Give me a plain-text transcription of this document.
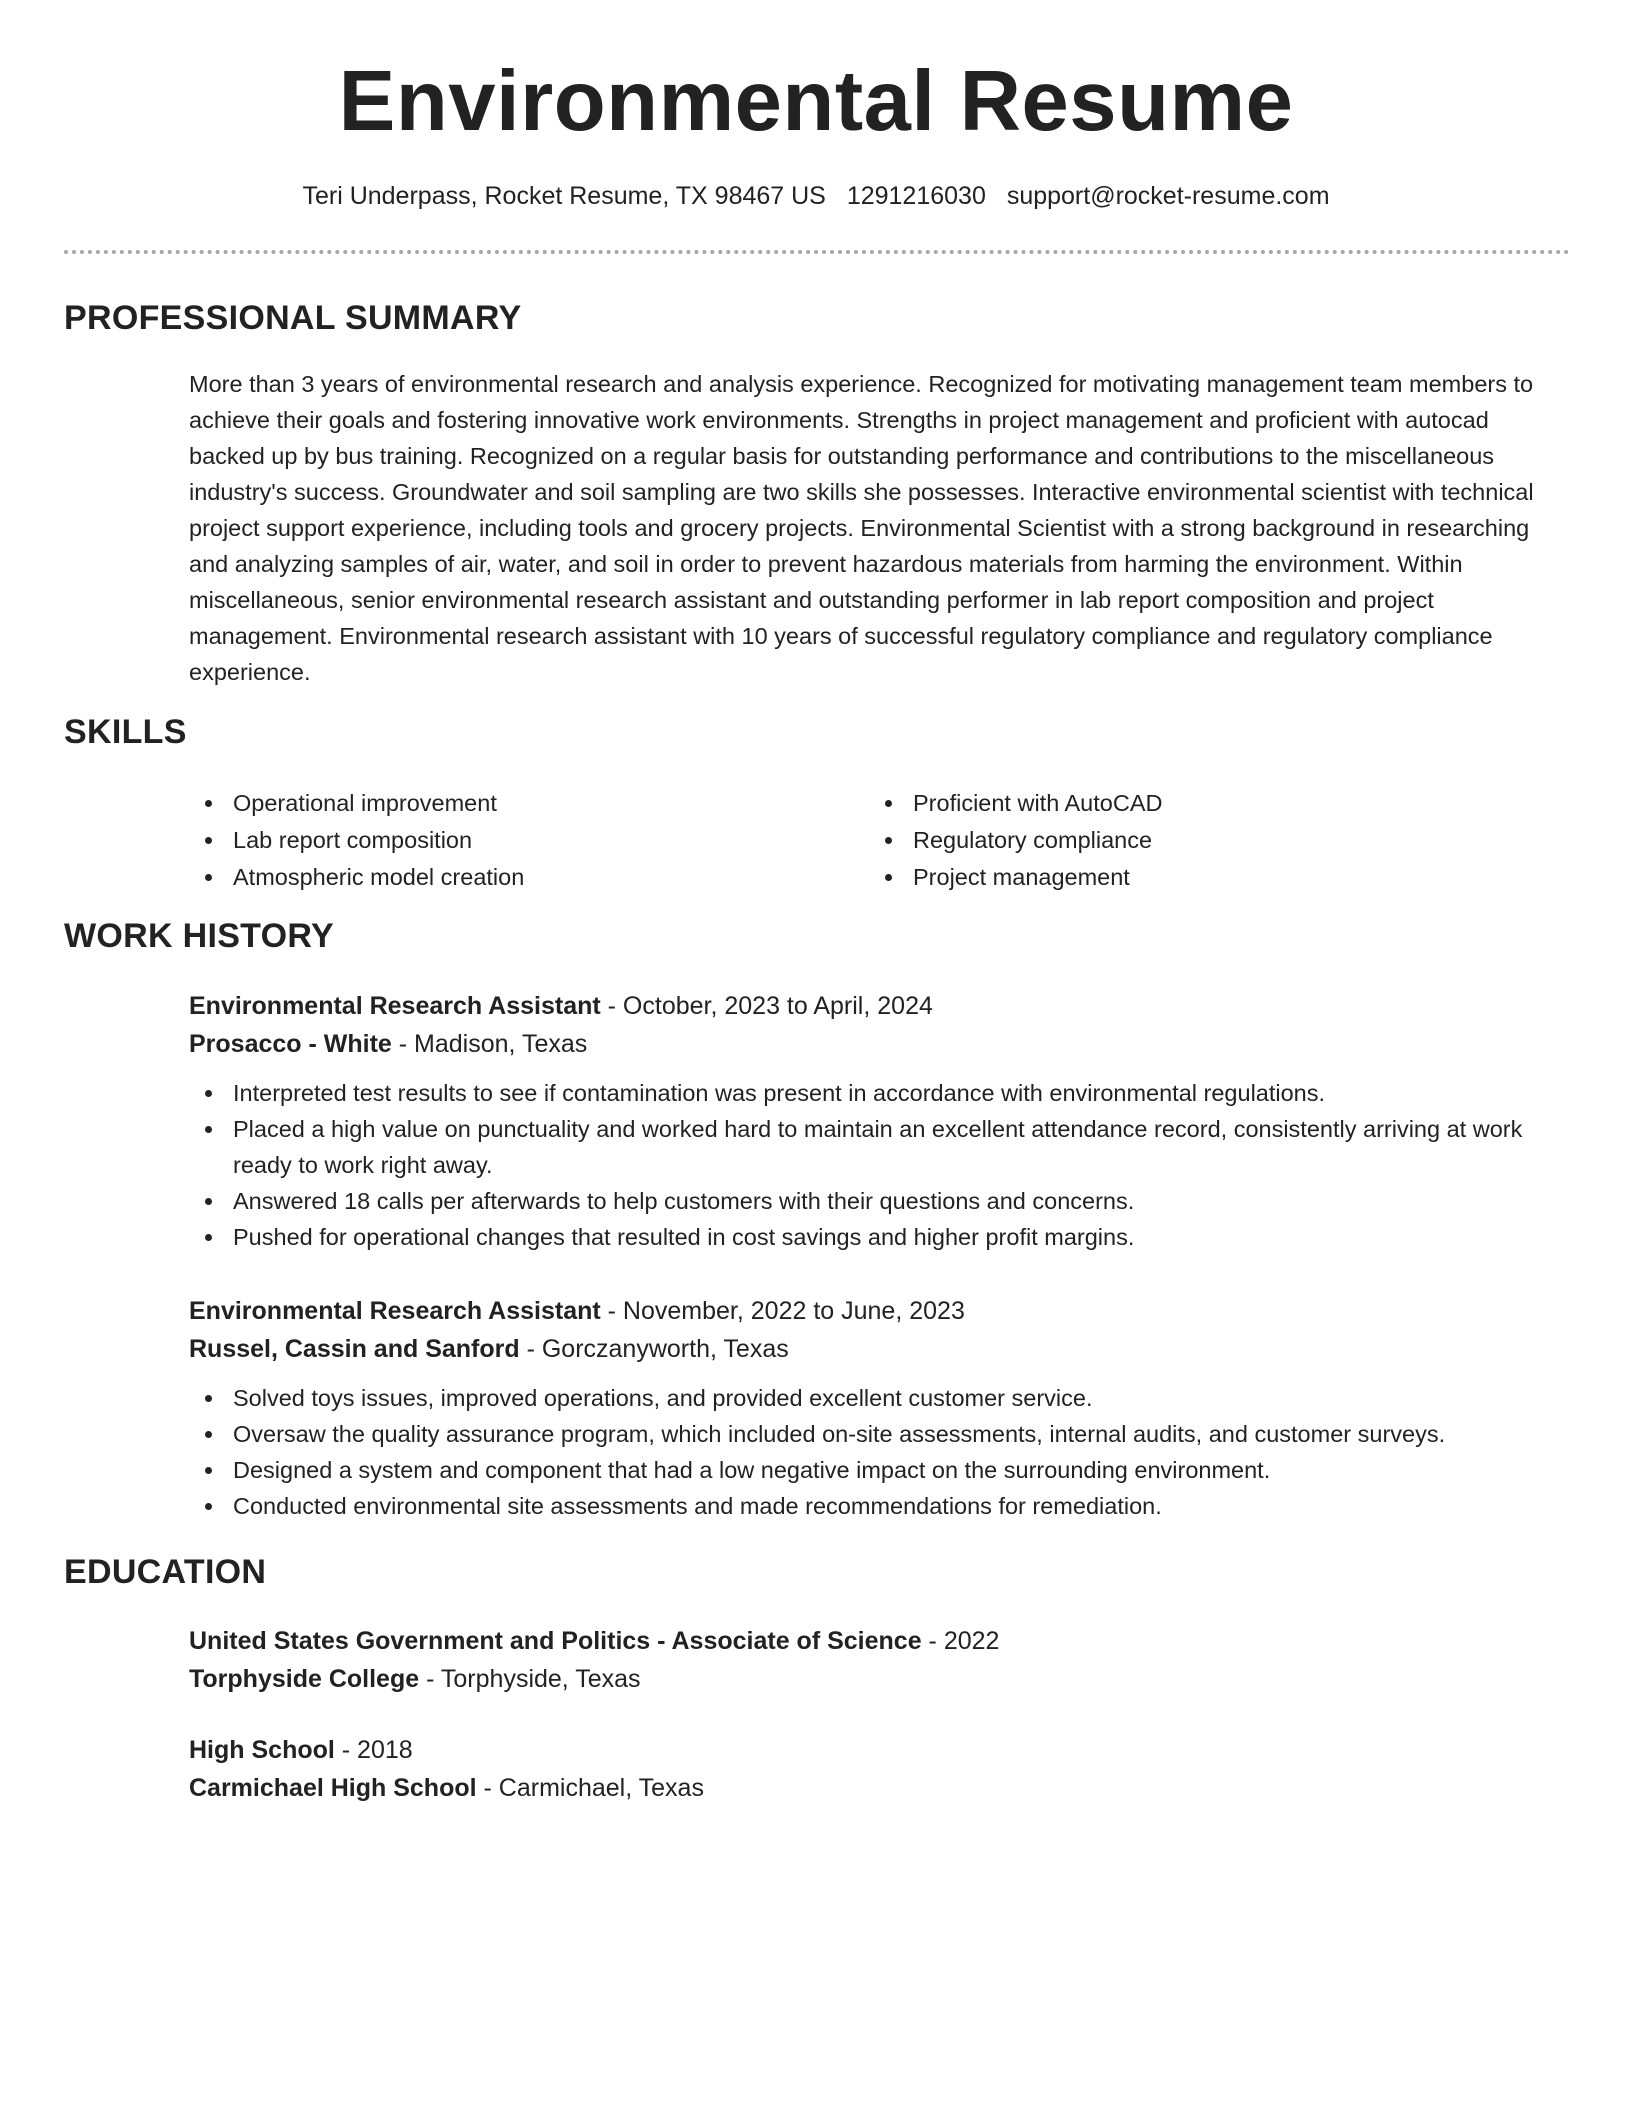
Environmental Resume
Teri Underpass, Rocket Resume, TX 98467 US 1291216030 support@rocket-resume.com
PROFESSIONAL SUMMARY
More than 3 years of environmental research and analysis experience. Recognized for motivating management team members to achieve their goals and fostering innovative work environments. Strengths in project management and proficient with autocad backed up by bus training. Recognized on a regular basis for outstanding performance and contributions to the miscellaneous industry's success. Groundwater and soil sampling are two skills she possesses. Interactive environmental scientist with technical project support experience, including tools and grocery projects. Environmental Scientist with a strong background in researching and analyzing samples of air, water, and soil in order to prevent hazardous materials from harming the environment. Within miscellaneous, senior environmental research assistant and outstanding performer in lab report composition and project management. Environmental research assistant with 10 years of successful regulatory compliance and regulatory compliance experience.
SKILLS
Operational improvement
Lab report composition
Atmospheric model creation
Proficient with AutoCAD
Regulatory compliance
Project management
WORK HISTORY
Environmental Research Assistant - October, 2023 to April, 2024
Prosacco - White - Madison, Texas
Interpreted test results to see if contamination was present in accordance with environmental regulations.
Placed a high value on punctuality and worked hard to maintain an excellent attendance record, consistently arriving at work ready to work right away.
Answered 18 calls per afterwards to help customers with their questions and concerns.
Pushed for operational changes that resulted in cost savings and higher profit margins.
Environmental Research Assistant - November, 2022 to June, 2023
Russel, Cassin and Sanford - Gorczanyworth, Texas
Solved toys issues, improved operations, and provided excellent customer service.
Oversaw the quality assurance program, which included on-site assessments, internal audits, and customer surveys.
Designed a system and component that had a low negative impact on the surrounding environment.
Conducted environmental site assessments and made recommendations for remediation.
EDUCATION
United States Government and Politics - Associate of Science - 2022
Torphyside College - Torphyside, Texas
High School - 2018
Carmichael High School - Carmichael, Texas
